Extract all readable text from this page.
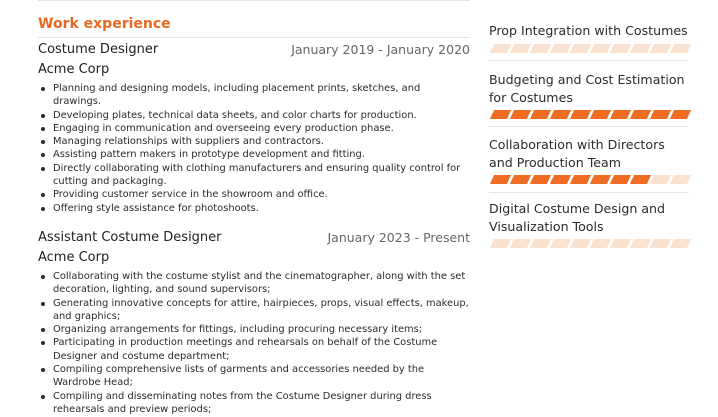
Work experience
Costume Designer	January 2019 - January 2020
Acme Corp
Planning and designing models, including placement prints, sketches, and drawings.
Developing plates, technical data sheets, and color charts for production.
Engaging in communication and overseeing every production phase.
Managing relationships with suppliers and contractors.
Assisting pattern makers in prototype development and fitting.
Directly collaborating with clothing manufacturers and ensuring quality control for cutting and packaging.
Providing customer service in the showroom and office.
Offering style assistance for photoshoots.
Assistant Costume Designer	January 2023 - Present
Acme Corp
Collaborating with the costume stylist and the cinematographer, along with the set decoration, lighting, and sound supervisors;
Generating innovative concepts for attire, hairpieces, props, visual effects, makeup, and graphics;
Organizing arrangements for fittings, including procuring necessary items;
Participating in production meetings and rehearsals on behalf of the Costume Designer and costume department;
Compiling comprehensive lists of garments and accessories needed by the Wardrobe Head;
Compiling and disseminating notes from the Costume Designer during dress rehearsals and preview periods;
Prop Integration with Costumes
Budgeting and Cost Estimation for Costumes
Collaboration with Directors and Production Team
Digital Costume Design and Visualization Tools
